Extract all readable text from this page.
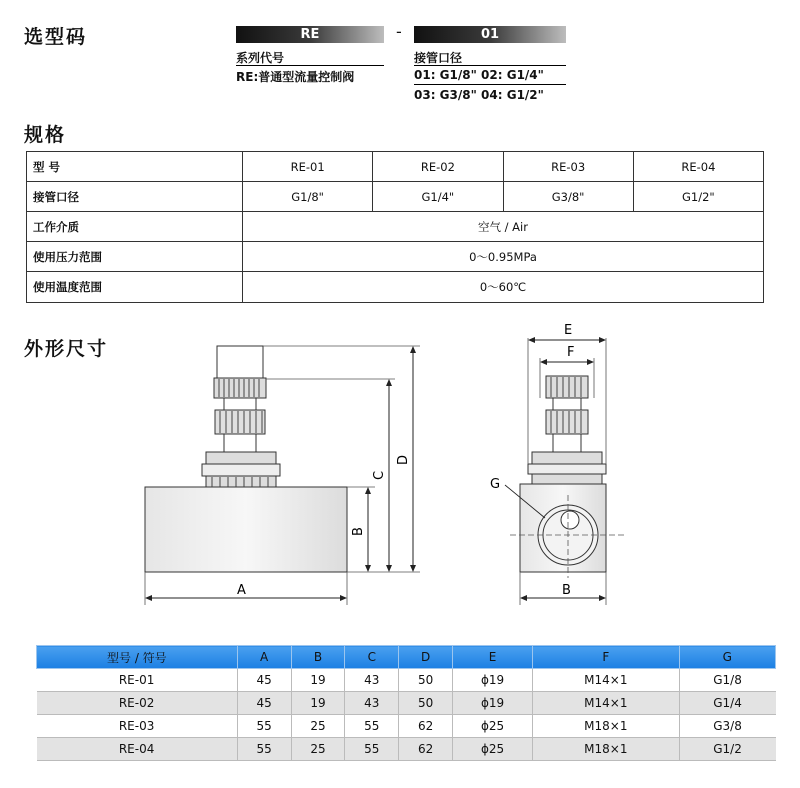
选型码
规格
外形尺寸
RE	-	01
系列代号
RE:普通型流量控制阀
接管口径
01: G1/8" 02: G1/4"
03: G3/8" 04: G1/2"
型 号	RE-01	RE-02	RE-03	RE-04
接管口径	G1/8"	G1/4"	G3/8"	G1/2"
工作介质	空气 / Air			
使用压力范围	0～0.95MPa			
使用温度范围	0～60℃			
A
B
C
D
E
F
G
B
型号 / 符号	A	B	C	D	E	F	G
RE-01	45	19	43	50	ϕ19	M14×1	G1/8
RE-02	45	19	43	50	ϕ19	M14×1	G1/4
RE-03	55	25	55	62	ϕ25	M18×1	G3/8
RE-04	55	25	55	62	ϕ25	M18×1	G1/2
